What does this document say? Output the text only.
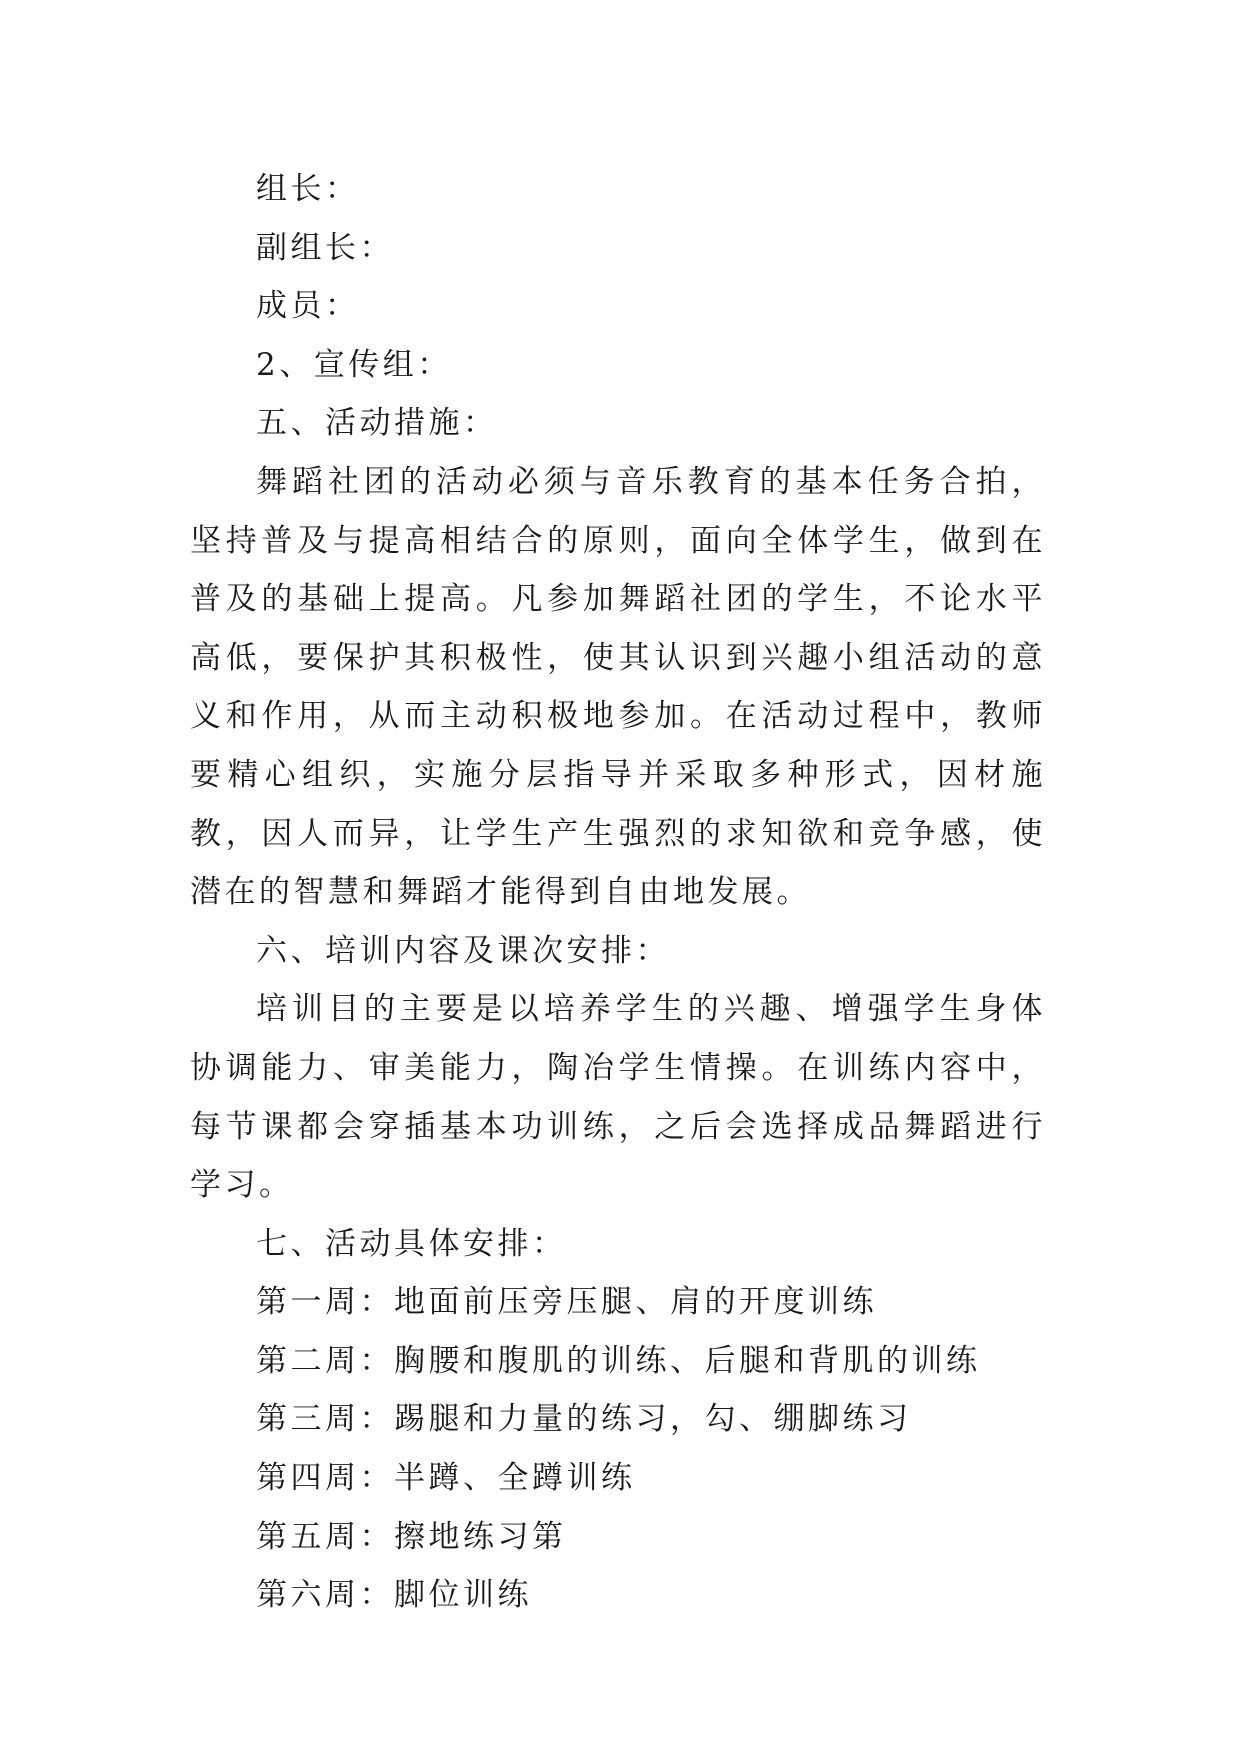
组长：
副组长：
成员：
2、宣传组：
五、活动措施：

舞蹈社团的活动必须与音乐教育的基本任务合拍，坚持普及与提高相结合的原则，面向全体学生，做到在普及的基础上提高。凡参加舞蹈社团的学生，不论水平高低，要保护其积极性，使其认识到兴趣小组活动的意义和作用，从而主动积极地参加。在活动过程中，教师要精心组织，实施分层指导并采取多种形式，因材施教，因人而异，让学生产生强烈的求知欲和竞争感，使潜在的智慧和舞蹈才能得到自由地发展。

六、培训内容及课次安排：

培训目的主要是以培养学生的兴趣、增强学生身体协调能力、审美能力，陶冶学生情操。在训练内容中，每节课都会穿插基本功训练，之后会选择成品舞蹈进行学习。

七、活动具体安排：
第一周：地面前压旁压腿、肩的开度训练
第二周：胸腰和腹肌的训练、后腿和背肌的训练
第三周：踢腿和力量的练习，勾、绷脚练习
第四周：半蹲、全蹲训练
第五周：擦地练习第
第六周：脚位训练
